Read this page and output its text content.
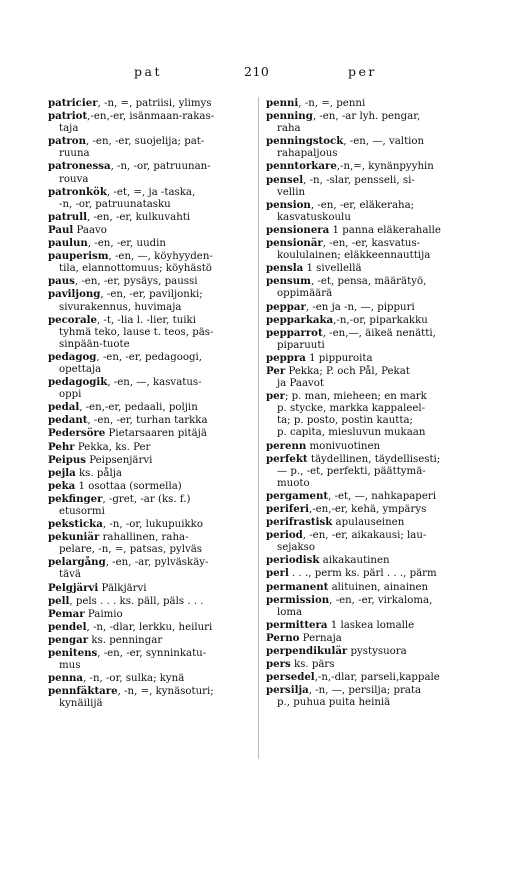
pat	210	per
patricier, -n, =, patriisi, ylimys
patriot,-en,-er, isänmaan-rakas-
taja
patron, -en, -er, suojelija; pat-
ruuna
patronessa, -n, -or, patruunan-
rouva
patronkök, -et, =, ja -taska,
-n, -or, patruunatasku
patrull, -en, -er, kulkuvahti
Paul Paavo
paulun, -en, -er, uudin
pauperism, -en, —, köyhyyden-
tila, elannottomuus; köyhästö
paus, -en, -er, pysäys, paussi
paviljong, -en, -er, paviljonki;
sivurakennus, huvimaja
pecorale, -t, -lia l. -lier, tuiki
tyhmä teko, lause t. teos, päs-
sinpään-tuote
pedagog, -en, -er, pedagoogi,
opettaja
pedagogik, -en, —, kasvatus-
oppi
pedal, -en,-er, pedaali, poljin
pedant, -en, -er, turhan tarkka
Pedersöre Pietarsaaren pitäjä
Pehr Pekka, ks. Per
Peipus Peipsenjärvi
pejla ks. pålja
peka 1 osottaa (sormella)
pekfinger, -gret, -ar (ks. f.)
etusormi
peksticka, -n, -or, lukupuikko
pekuniär rahallinen, raha-
pelare, -n, =, patsas, pylväs
pelargång, -en, -ar, pylväskäy-
tävä
Pelgjärvi Pälkjärvi
pell, pels . . . ks. päll, päls . . .
Pemar Paimio
pendel, -n, -dlar, lerkku, heiluri
pengar ks. penningar
penitens, -en, -er, synninkatu-
mus
penna, -n, -or, sulka; kynä
pennfäktare, -n, =, kynäsoturi;
kynäilijä
penni, -n, =, penni
penning, -en, -ar lyh. pengar,
raha
penningstock, -en, —, valtion
rahapaljous
penntorkare,-n,=, kynänpyyhin
pensel, -n, -slar, pensseli, si-
vellin
pension, -en, -er, eläkeraha;
kasvatuskoulu
pensionera 1 panna eläkerahalle
pensionär, -en, -er, kasvatus-
koululainen; eläkkeennauttija
pensla 1 sivellellä
pensum, -et, pensa, määrätyö,
oppimäärä
peppar, -en ja -n, —, pippuri
pepparkaka,-n,-or, piparkakku
pepparrot, -en,—, äikeä nenätti,
piparuuti
peppra 1 pippuroita
Per Pekka; P. och Pål, Pekat
ja Paavot
per; p. man, mieheen; en mark
p. stycke, markka kappaleel-
ta; p. posto, postin kautta;
p. capita, miesluvun mukaan
perenn monivuotinen
perfekt täydellinen, täydellisesti;
— p., -et, perfekti, päättymä-
muoto
pergament, -et, —, nahkapaperi
periferi,-en,-er, kehä, ympärys
perifrastisk apulauseinen
period, -en, -er, aikakausi; lau-
sejakso
periodisk aikakautinen
perl . . ., perm ks. pärl . . ., pärm
permanent alituinen, ainainen
permission, -en, -er, virkaloma,
loma
permittera 1 laskea lomalle
Perno Pernaja
perpendikulär pystysuora
pers ks. pärs
persedel,-n,-dlar, parseli,kappale
persilja, -n, —, persilja; prata
p., puhua puita heiniä
